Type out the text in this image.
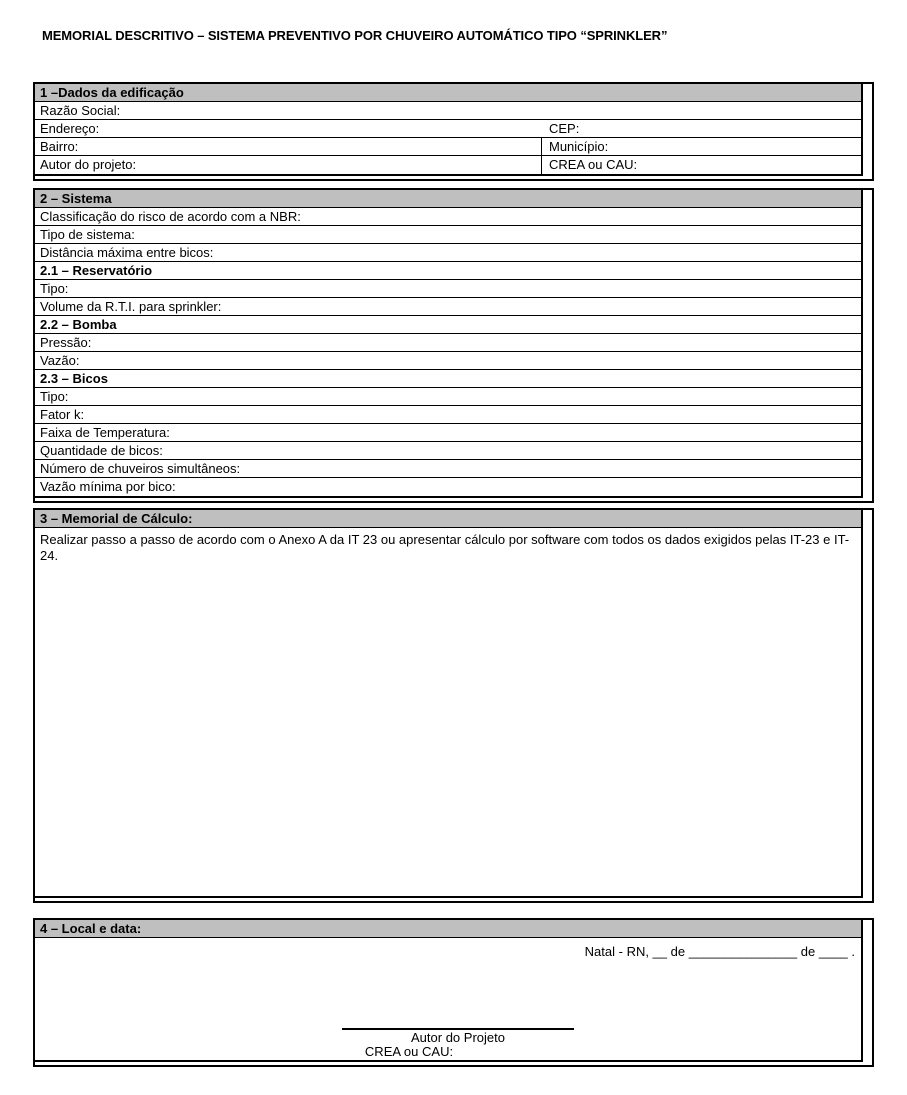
MEMORIAL DESCRITIVO – SISTEMA PREVENTIVO POR CHUVEIRO AUTOMÁTICO TIPO “SPRINKLER”
1 –Dados da edificação
Razão Social:
Endereço:	CEP:
Bairro:	Município:
Autor do projeto:	CREA ou CAU:
2 – Sistema
Classificação do risco de acordo com a NBR:
Tipo de sistema:
Distância máxima entre bicos:
2.1 – Reservatório
Tipo:
Volume da R.T.I. para sprinkler:
2.2 – Bomba
Pressão:
Vazão:
2.3 – Bicos
Tipo:
Fator k:
Faixa de Temperatura:
Quantidade de bicos:
Número de chuveiros simultâneos:
Vazão mínima por bico:
3 – Memorial de Cálculo:
Realizar passo a passo de acordo com o Anexo A da IT 23 ou apresentar cálculo por software com todos os dados exigidos pelas IT-23 e IT-24.
4 – Local e data:
Natal - RN, __ de _______________ de ____ .
Autor do Projeto
CREA ou CAU:
